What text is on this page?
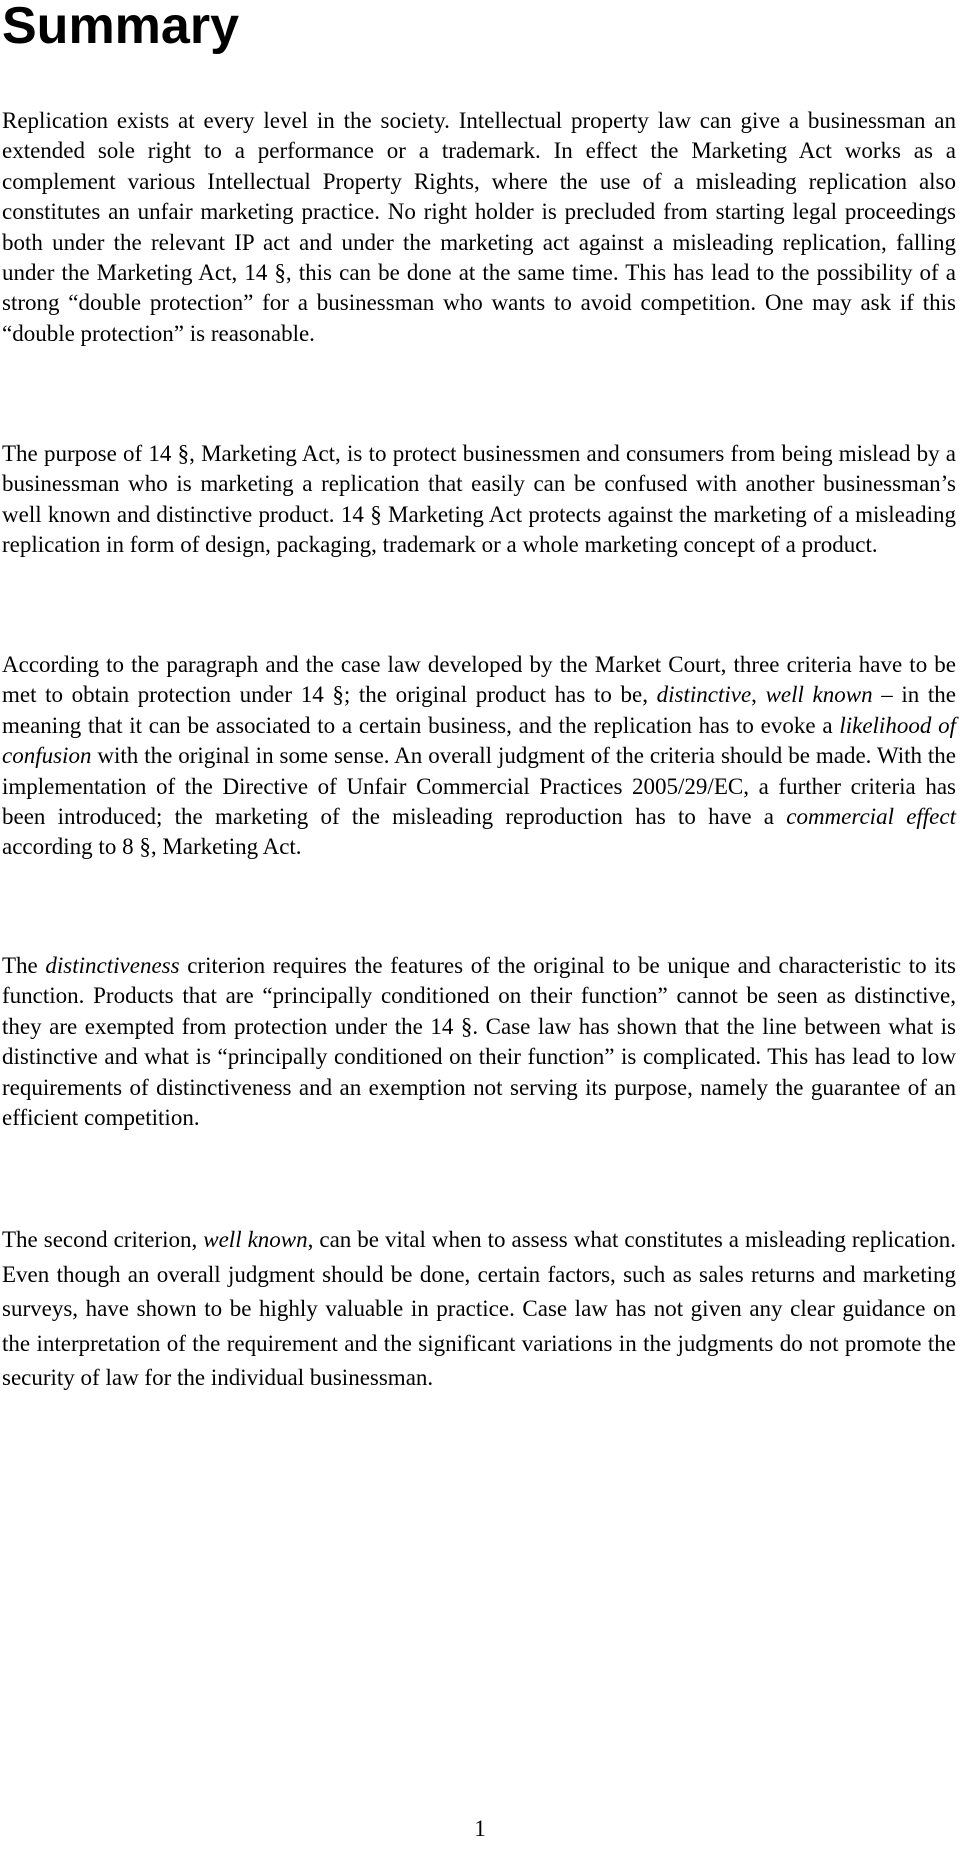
Summary

Replication exists at every level in the society. Intellectual property law can give a businessman an extended sole right to a performance or a trademark. In effect the Marketing Act works as a complement various Intellectual Property Rights, where the use of a misleading replication also constitutes an unfair marketing practice. No right holder is precluded from starting legal proceedings both under the relevant IP act and under the marketing act against a misleading replication, falling under the Marketing Act, 14 §, this can be done at the same time. This has lead to the possibility of a strong “double protection” for a businessman who wants to avoid competition. One may ask if this “double protection” is reasonable.

The purpose of 14 §, Marketing Act, is to protect businessmen and consumers from being mislead by a businessman who is marketing a replication that easily can be confused with another businessman’s well known and distinctive product. 14 § Marketing Act protects against the marketing of a misleading replication in form of design, packaging, trademark or a whole marketing concept of a product.

According to the paragraph and the case law developed by the Market Court, three criteria have to be met to obtain protection under 14 §; the original product has to be, distinctive, well known – in the meaning that it can be associated to a certain business, and the replication has to evoke a likelihood of confusion with the original in some sense. An overall judgment of the criteria should be made. With the implementation of the Directive of Unfair Commercial Practices 2005/29/EC, a further criteria has been introduced; the marketing of the misleading reproduction has to have a commercial effect according to 8 §, Marketing Act.

The distinctiveness criterion requires the features of the original to be unique and characteristic to its function. Products that are “principally conditioned on their function” cannot be seen as distinctive, they are exempted from protection under the 14 §. Case law has shown that the line between what is distinctive and what is “principally conditioned on their function” is complicated. This has lead to low requirements of distinctiveness and an exemption not serving its purpose, namely the guarantee of an efficient competition.

The second criterion, well known, can be vital when to assess what constitutes a misleading replication. Even though an overall judgment should be done, certain factors, such as sales returns and marketing surveys, have shown to be highly valuable in practice. Case law has not given any clear guidance on the interpretation of the requirement and the significant variations in the judgments do not promote the security of law for the individual businessman.

1
